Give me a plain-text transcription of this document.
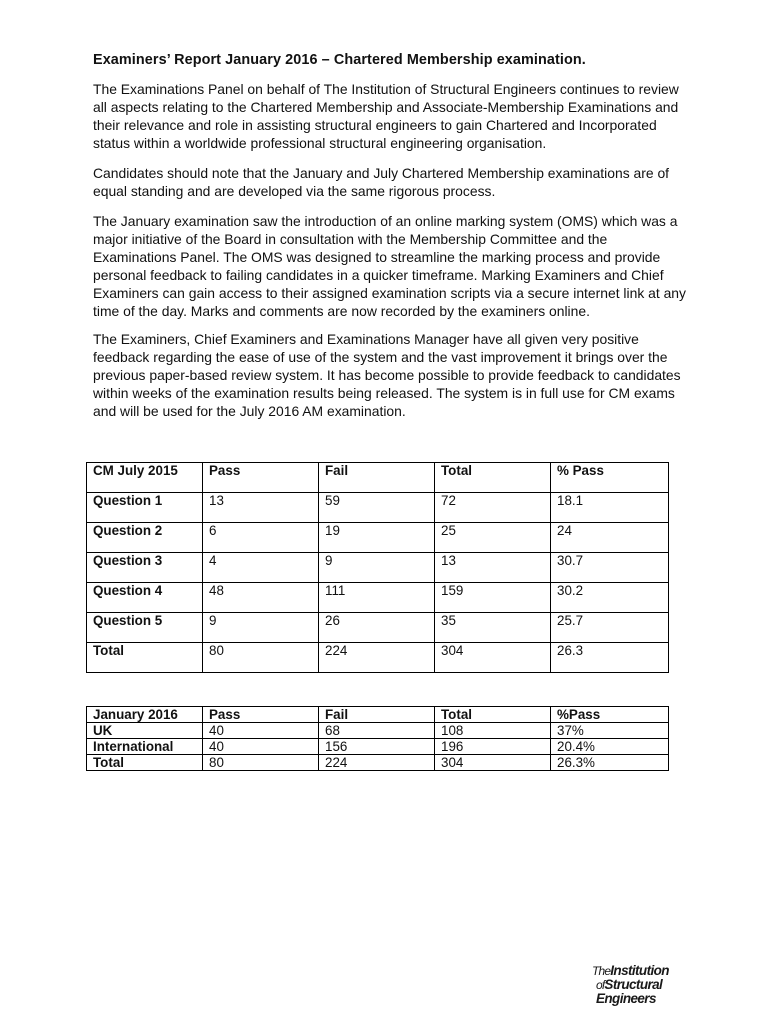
Examiners’ Report January 2016 – Chartered Membership examination.

The Examinations Panel on behalf of The Institution of Structural Engineers continues to review all aspects relating to the Chartered Membership and Associate-Membership Examinations and their relevance and role in assisting structural engineers to gain Chartered and Incorporated status within a worldwide professional structural engineering organisation.

Candidates should note that the January and July Chartered Membership examinations are of equal standing and are developed via the same rigorous process.

The January examination saw the introduction of an online marking system (OMS) which was a major initiative of the Board in consultation with the Membership Committee and the Examinations Panel. The OMS was designed to streamline the marking process and provide personal feedback to failing candidates in a quicker timeframe. Marking Examiners and Chief Examiners can gain access to their assigned examination scripts via a secure internet link at any time of the day. Marks and comments are now recorded by the examiners online.

The Examiners, Chief Examiners and Examinations Manager have all given very positive feedback regarding the ease of use of the system and the vast improvement it brings over the previous paper-based review system. It has become possible to provide feedback to candidates within weeks of the examination results being released. The system is in full use for CM exams and will be used for the July 2016 AM examination.

CM July 2015	Pass	Fail	Total	% Pass
Question 1	13	59	72	18.1
Question 2	6	19	25	24
Question 3	4	9	13	30.7
Question 4	48	111	159	30.2
Question 5	9	26	35	25.7
Total	80	224	304	26.3
January 2016	Pass	Fail	Total	%Pass
UK	40	68	108	37%
International	40	156	196	20.4%
Total	80	224	304	26.3%
TheInstitution
ofStructural
Engineers
